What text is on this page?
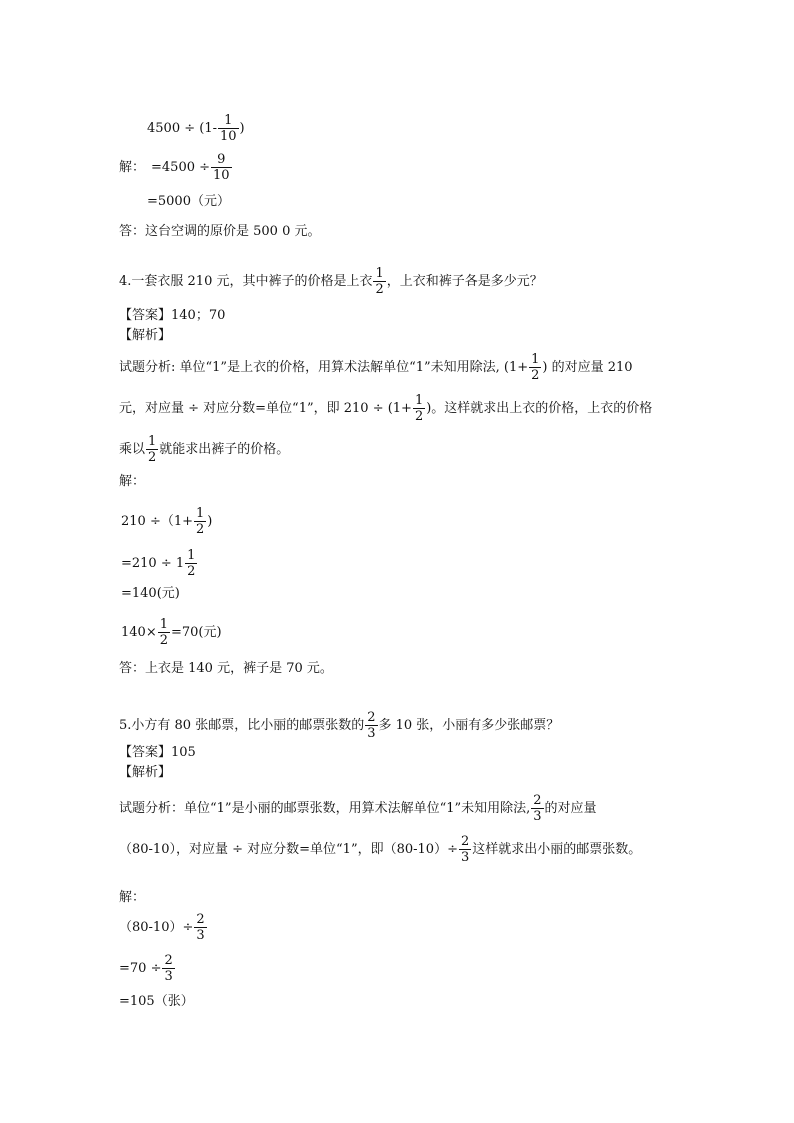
$4500 \div (1- \frac{1}{10}$ )
解： $=4500 \div \frac{9}{10}$
=5000（元）
答：这台空调的原价是 500 0 元。
4.一套衣服 210 元，其中裤子的价格是上衣 $\frac{1}{2}$ ，上衣和裤子各是多少元？
【答案】140；70
【解析】
试题分析: 单位“1”是上衣的价格，用算术法解单位“1”未知用除法, ($1+ \frac{1}{2}$ ) 的对应量 210
元，对应量 ÷ 对应分数=单位“1”，即 $210 \div (1+ \frac{1}{2}$ )。这样就求出上衣的价格，上衣的价格
乘以 $\frac{1}{2}$ 就能求出裤子的价格。
解：
$210 \div(1+ \frac{1}{2}$ )
$=210 \div 1 \frac{1}{2}$
=140(元)
$140\times \frac{1}{2} =70$(元)
答：上衣是 140 元，裤子是 70 元。
5.小方有 80 张邮票，比小丽的邮票张数的 $\frac{2}{3}$ 多 10 张，小丽有多少张邮票？
【答案】105
【解析】
试题分析：单位“1”是小丽的邮票张数，用算术法解单位“1”未知用除法, $\frac{2}{3}$ 的对应量
（80-10），对应量 ÷ 对应分数=单位“1”，即$(80-10)\div \frac{2}{3}$ 这样就求出小丽的邮票张数。
解：
$(80-10)\div \frac{2}{3}$
$=70 \div \frac{2}{3}$
=105（张）
